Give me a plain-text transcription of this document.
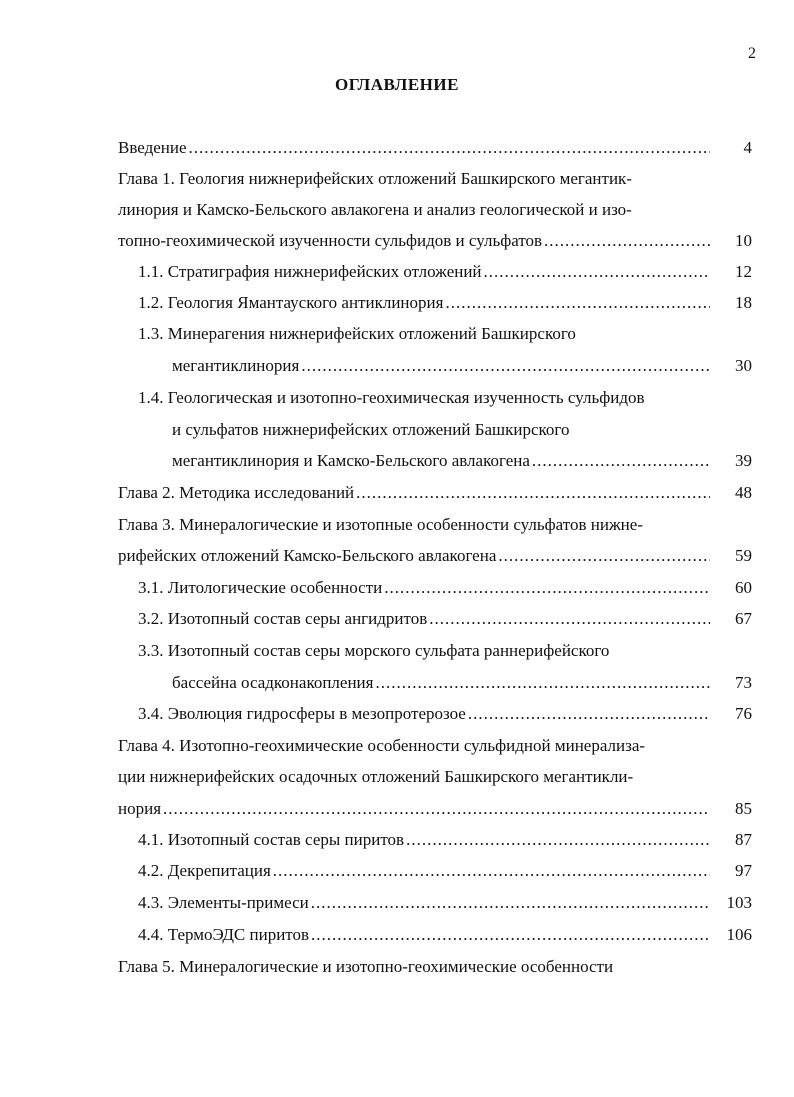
2
ОГЛАВЛЕНИЕ
Введение .....	4
Глава 1. Геология нижнерифейских отложений Башкирского мегантик-
линория и Камско-Бельского авлакогена и анализ геологической и изо-
топно-геохимической изученности сульфидов и сульфатов .....	10
1.1. Стратиграфия нижнерифейских отложений .....	12
1.2. Геология Ямантауского антиклинория .....	18
1.3. Минерагения нижнерифейских отложений Башкирского
мегантиклинория .....	30
1.4. Геологическая и изотопно-геохимическая изученность сульфидов
и сульфатов нижнерифейских отложений Башкирского
мегантиклинория и Камско-Бельского авлакогена .....	39
Глава 2. Методика исследований .....	48
Глава 3. Минералогические и изотопные особенности сульфатов нижне-
рифейских отложений Камско-Бельского авлакогена .....	59
3.1. Литологические особенности .....	60
3.2. Изотопный состав серы ангидритов .....	67
3.3. Изотопный состав серы морского сульфата раннерифейского
бассейна осадконакопления .....	73
3.4. Эволюция гидросферы в мезопротерозое .....	76
Глава 4. Изотопно-геохимические особенности сульфидной минерализа-
ции нижнерифейских осадочных отложений Башкирского мегантикли-
нория .....	85
4.1. Изотопный состав серы пиритов .....	87
4.2. Декрепитация .....	97
4.3. Элементы-примеси .....	103
4.4. ТермоЭДС пиритов .....	106
Глава 5. Минералогические и изотопно-геохимические особенности
